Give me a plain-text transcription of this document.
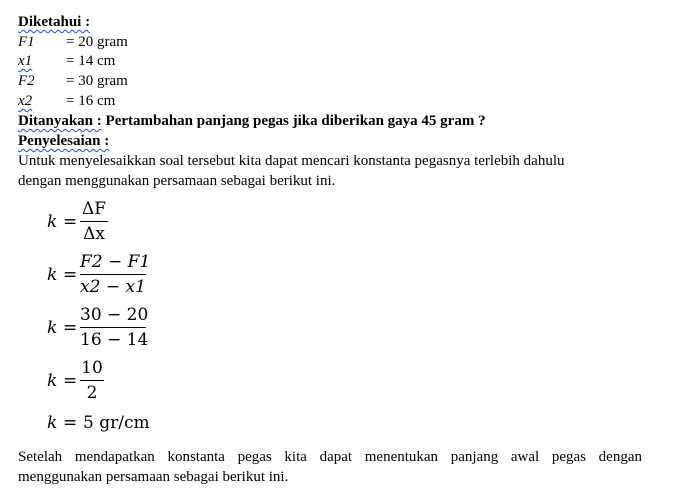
Diketahui :
F1 = 20 gram
x1 = 14 cm
F2 = 30 gram
x2 = 16 cm
Ditanyakan : Pertambahan panjang pegas jika diberikan gaya 45 gram ?
Penyelesaian :
Untuk menyelesaikkan soal tersebut kita dapat mencari konstanta pegasnya terlebih dahulu
dengan menggunakan persamaan sebagai berikut ini.
k =
ΔF
Δx
k =
F2 − F1
x2 − x1
k =
30 − 20
16 − 14
k =
10
2
k = 5 gr/cm
Setelah mendapatkan konstanta pegas kita dapat menentukan panjang awal pegas dengan
menggunakan persamaan sebagai berikut ini.
